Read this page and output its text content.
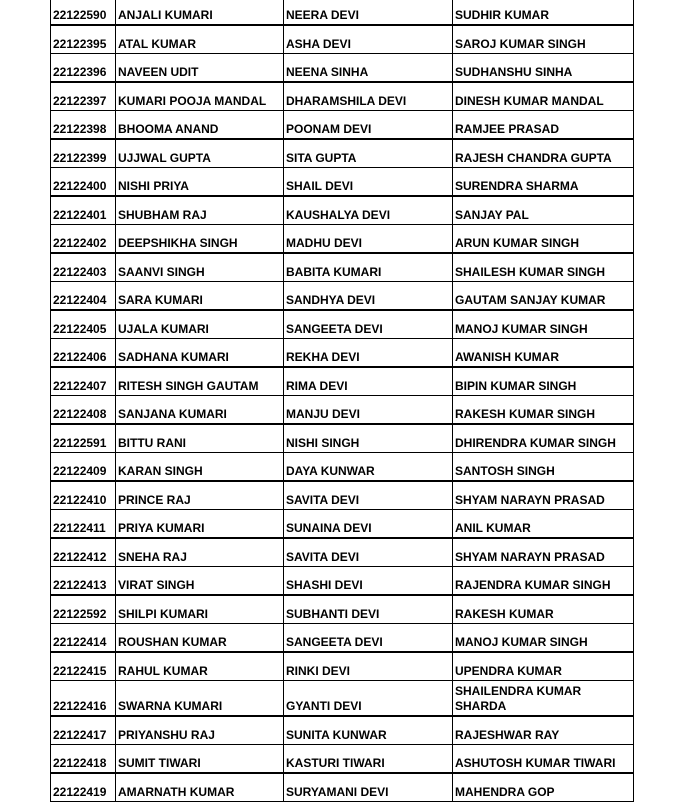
22122590	ANJALI KUMARI	NEERA DEVI	SUDHIR KUMAR
22122395	ATAL KUMAR	ASHA DEVI	SAROJ KUMAR SINGH
22122396	NAVEEN UDIT	NEENA SINHA	SUDHANSHU SINHA
22122397	KUMARI POOJA MANDAL	DHARAMSHILA DEVI	DINESH KUMAR MANDAL
22122398	BHOOMA ANAND	POONAM DEVI	RAMJEE PRASAD
22122399	UJJWAL GUPTA	SITA GUPTA	RAJESH CHANDRA GUPTA
22122400	NISHI PRIYA	SHAIL DEVI	SURENDRA SHARMA
22122401	SHUBHAM RAJ	KAUSHALYA DEVI	SANJAY PAL
22122402	DEEPSHIKHA SINGH	MADHU DEVI	ARUN KUMAR SINGH
22122403	SAANVI SINGH	BABITA KUMARI	SHAILESH KUMAR SINGH
22122404	SARA KUMARI	SANDHYA DEVI	GAUTAM SANJAY KUMAR
22122405	UJALA KUMARI	SANGEETA DEVI	MANOJ KUMAR SINGH
22122406	SADHANA KUMARI	REKHA DEVI	AWANISH KUMAR
22122407	RITESH SINGH GAUTAM	RIMA DEVI	BIPIN KUMAR SINGH
22122408	SANJANA KUMARI	MANJU DEVI	RAKESH KUMAR SINGH
22122591	BITTU RANI	NISHI SINGH	DHIRENDRA KUMAR SINGH
22122409	KARAN SINGH	DAYA KUNWAR	SANTOSH SINGH
22122410	PRINCE RAJ	SAVITA DEVI	SHYAM NARAYN PRASAD
22122411	PRIYA KUMARI	SUNAINA DEVI	ANIL KUMAR
22122412	SNEHA RAJ	SAVITA DEVI	SHYAM NARAYN PRASAD
22122413	VIRAT SINGH	SHASHI DEVI	RAJENDRA KUMAR SINGH
22122592	SHILPI KUMARI	SUBHANTI DEVI	RAKESH KUMAR
22122414	ROUSHAN KUMAR	SANGEETA DEVI	MANOJ KUMAR SINGH
22122415	RAHUL KUMAR	RINKI DEVI	UPENDRA KUMAR
22122416	SWARNA KUMARI	GYANTI DEVI	SHAILENDRA KUMAR SHARDA
22122417	PRIYANSHU RAJ	SUNITA KUNWAR	RAJESHWAR RAY
22122418	SUMIT TIWARI	KASTURI TIWARI	ASHUTOSH KUMAR TIWARI
22122419	AMARNATH KUMAR	SURYAMANI DEVI	MAHENDRA GOP
